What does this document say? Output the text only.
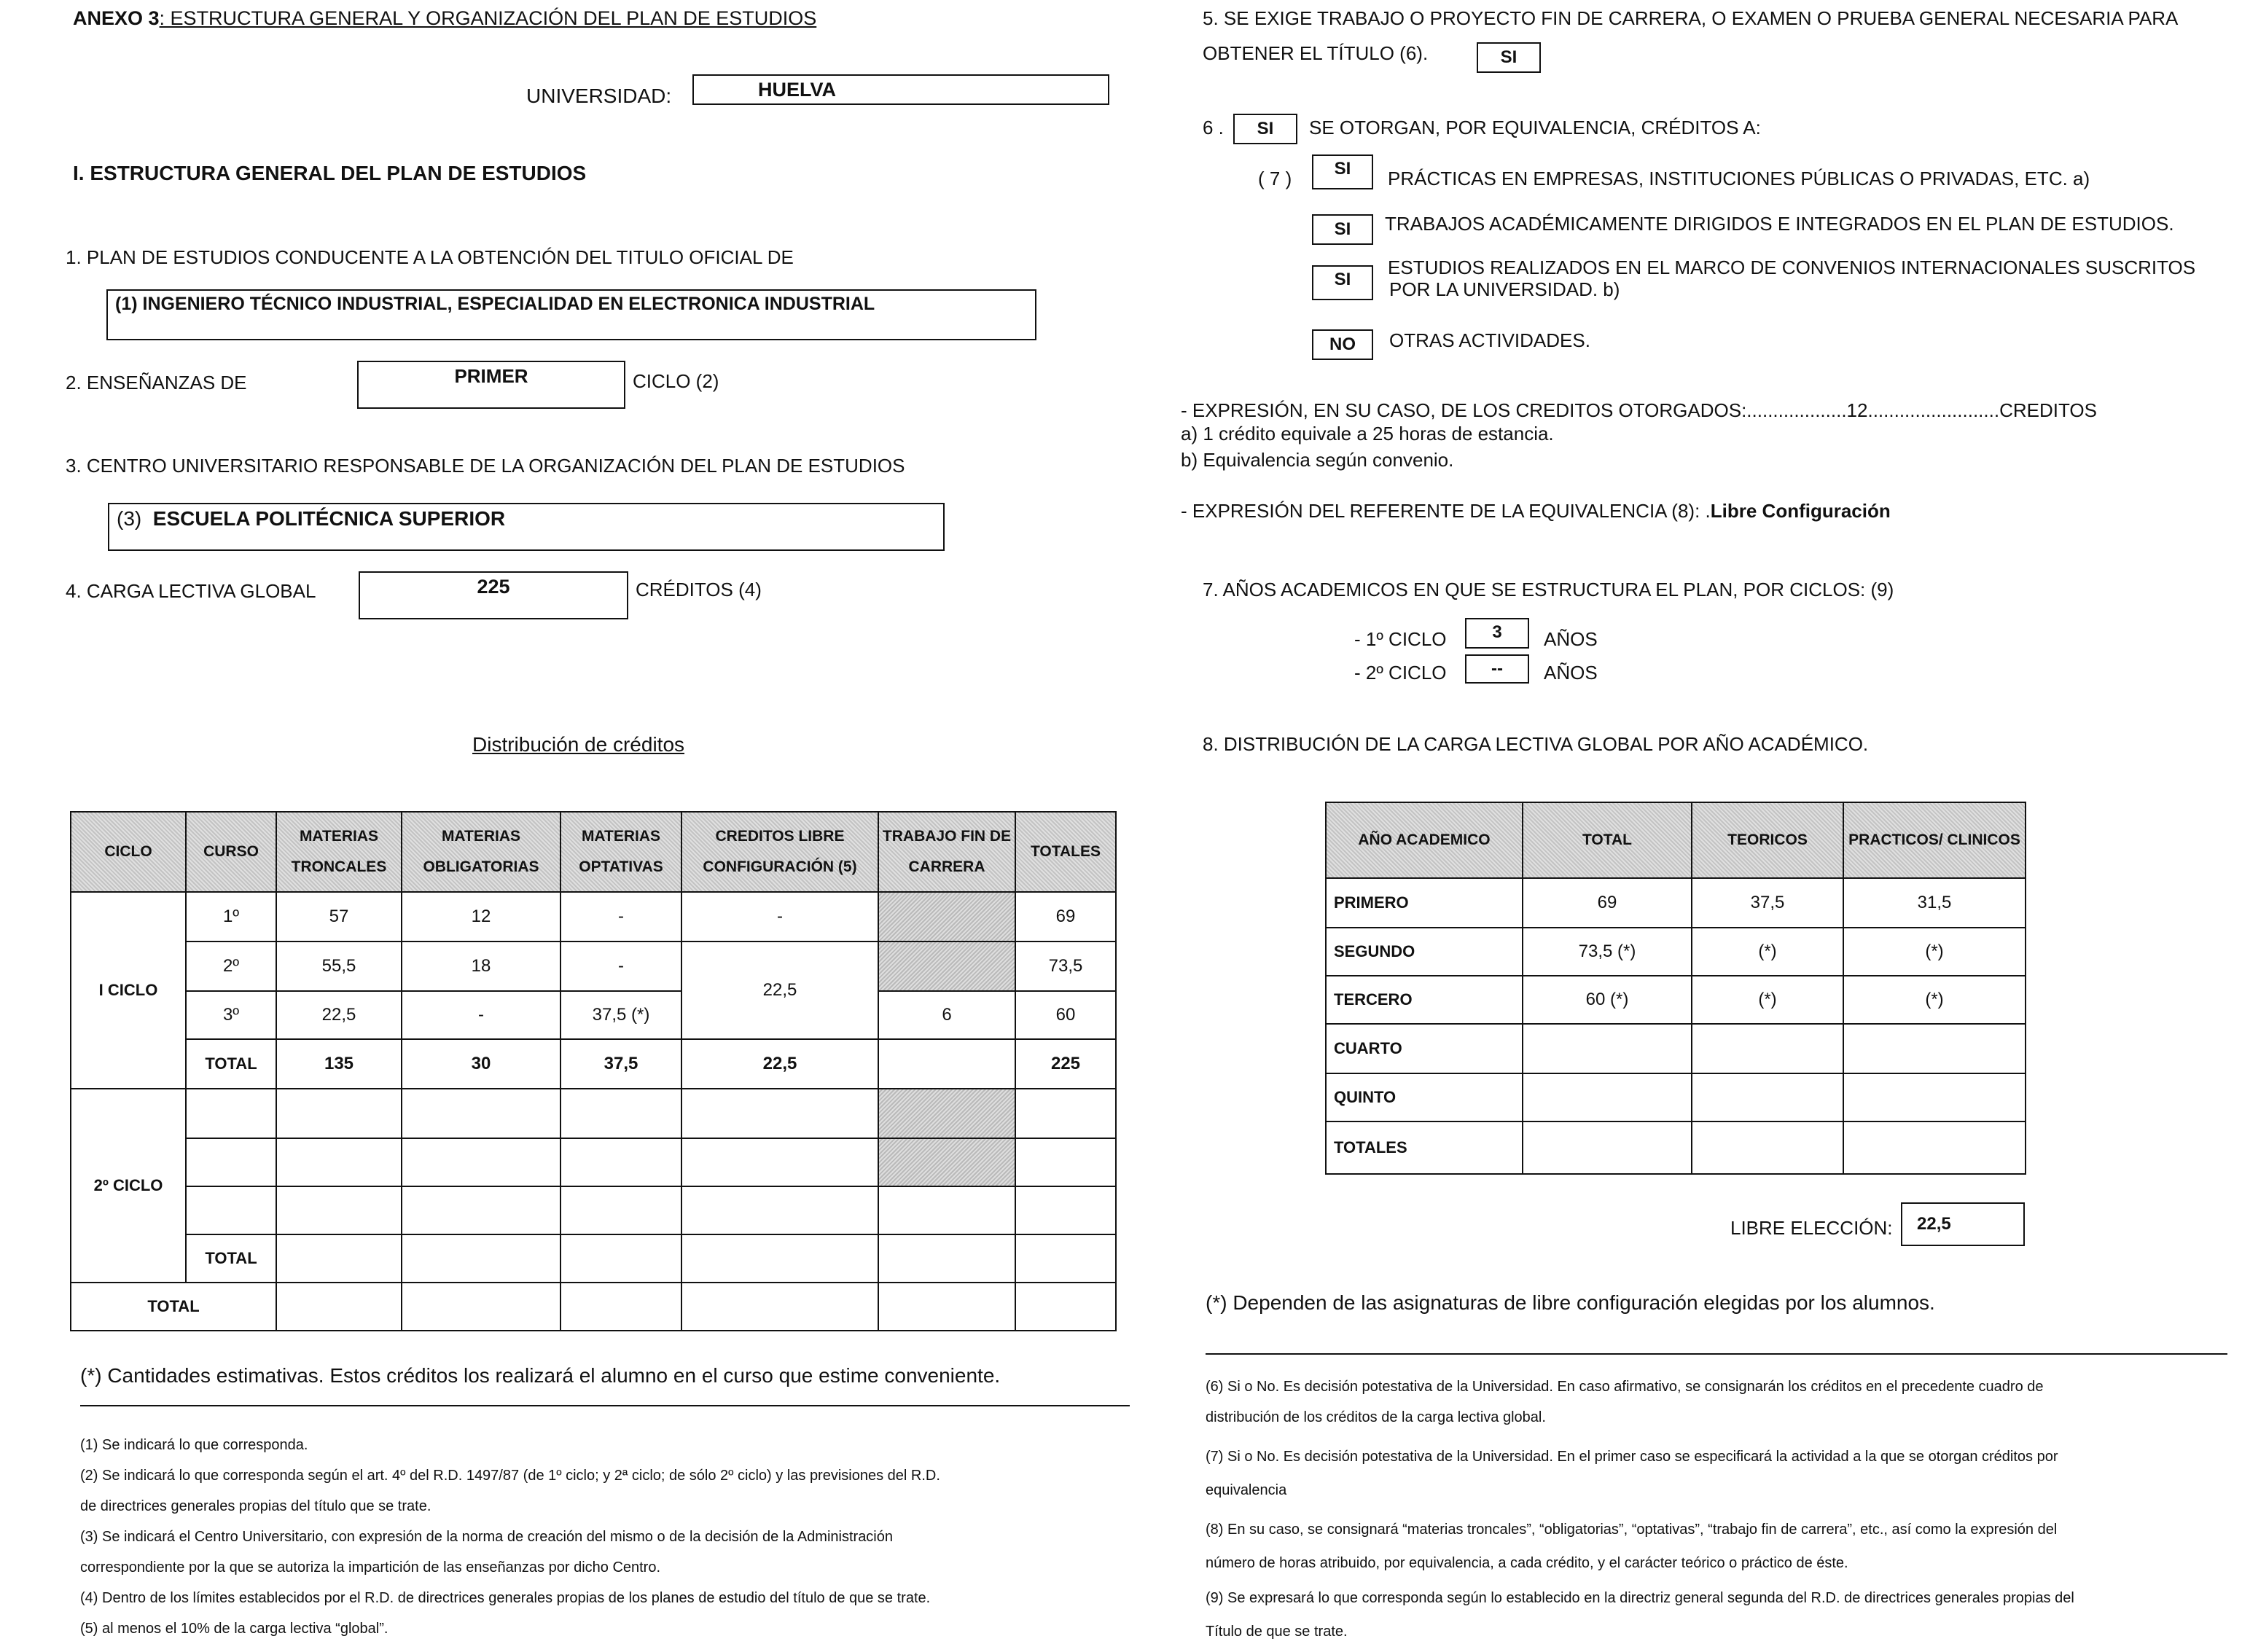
ANEXO 3: ESTRUCTURA GENERAL Y ORGANIZACIÓN DEL PLAN DE ESTUDIOS
UNIVERSIDAD:	HUELVA
I. ESTRUCTURA GENERAL DEL PLAN DE ESTUDIOS
1. PLAN DE ESTUDIOS CONDUCENTE A LA OBTENCIÓN DEL TITULO OFICIAL DE
(1) INGENIERO TÉCNICO INDUSTRIAL, ESPECIALIDAD EN ELECTRONICA INDUSTRIAL
2. ENSEÑANZAS DE	PRIMER	CICLO (2)
3. CENTRO UNIVERSITARIO RESPONSABLE DE LA ORGANIZACIÓN DEL PLAN DE ESTUDIOS
(3)
ESCUELA POLITÉCNICA SUPERIOR
4. CARGA LECTIVA GLOBAL	225	CRÉDITOS (4)
Distribución de créditos
CICLO	CURSO	MATERIAS TRONCALES	MATERIAS OBLIGATORIAS	MATERIAS OPTATIVAS	CREDITOS LIBRE CONFIGURACIÓN (5)	TRABAJO FIN DE CARRERA	TOTALES
I CICLO	1º	57	12	-	-		69
	2º	55,5	18	-	22,5		73,5
	3º	22,5	-	37,5 (*)		6	60
	TOTAL	135	30	37,5	22,5		225
2º CICLO							

	TOTAL						
TOTAL							
(*) Cantidades estimativas. Estos créditos los realizará el alumno en el curso que estime conveniente.
(1) Se indicará lo que corresponda.
(2) Se indicará lo que corresponda según el art. 4º del R.D. 1497/87 (de 1º ciclo; y 2ª ciclo; de sólo 2º ciclo) y las previsiones del R.D.
de directrices generales propias del título que se trate.
(3) Se indicará el Centro Universitario, con expresión de la norma de creación del mismo o de la decisión de la Administración
correspondiente por la que se autoriza la impartición de las enseñanzas por dicho Centro.
(4) Dentro de los límites establecidos por el R.D. de directrices generales propias de los planes de estudio del título de que se trate.
(5) al menos el 10% de la carga lectiva “global”.
5. SE EXIGE TRABAJO O PROYECTO FIN DE CARRERA, O EXAMEN O PRUEBA GENERAL NECESARIA PARA
OBTENER EL TÍTULO (6).	SI
6 .	SI	SE OTORGAN, POR EQUIVALENCIA, CRÉDITOS A:
( 7 )	SI	PRÁCTICAS EN EMPRESAS, INSTITUCIONES PÚBLICAS O PRIVADAS, ETC. a)
SI	TRABAJOS ACADÉMICAMENTE DIRIGIDOS E INTEGRADOS EN EL PLAN DE ESTUDIOS.
SI
ESTUDIOS REALIZADOS EN EL MARCO DE CONVENIOS INTERNACIONALES SUSCRITOS
POR LA UNIVERSIDAD. b)
NO	OTRAS ACTIVIDADES.
- EXPRESIÓN, EN SU CASO, DE LOS CREDITOS OTORGADOS:...................12.........................CREDITOS
a) 1 crédito equivale a 25 horas de estancia.
b) Equivalencia según convenio.
- EXPRESIÓN DEL REFERENTE DE LA EQUIVALENCIA (8): .Libre Configuración
7. AÑOS ACADEMICOS EN QUE SE ESTRUCTURA EL PLAN, POR CICLOS: (9)
- 1º CICLO	3	AÑOS
- 2º CICLO	--	AÑOS
8. DISTRIBUCIÓN DE LA CARGA LECTIVA GLOBAL POR AÑO ACADÉMICO.
AÑO ACADEMICO	TOTAL	TEORICOS	PRACTICOS/ CLINICOS
PRIMERO	69	37,5	31,5
SEGUNDO	73,5 (*)	(*)	(*)
TERCERO	60 (*)	(*)	(*)
CUARTO			
QUINTO			
TOTALES			
LIBRE ELECCIÓN:	22,5
(*) Dependen de las asignaturas de libre configuración elegidas por los alumnos.
(6) Si o No. Es decisión potestativa de la Universidad. En caso afirmativo, se consignarán los créditos en el precedente cuadro de
distribución de los créditos de la carga lectiva global.
(7) Si o No. Es decisión potestativa de la Universidad. En el primer caso se especificará la actividad a la que se otorgan créditos por
equivalencia
(8) En su caso, se consignará “materias troncales”, “obligatorias”, “optativas”, “trabajo fin de carrera”, etc., así como la expresión del
número de horas atribuido, por equivalencia, a cada crédito, y el carácter teórico o práctico de éste.
(9) Se expresará lo que corresponda según lo establecido en la directriz general segunda del R.D. de directrices generales propias del
Título de que se trate.
